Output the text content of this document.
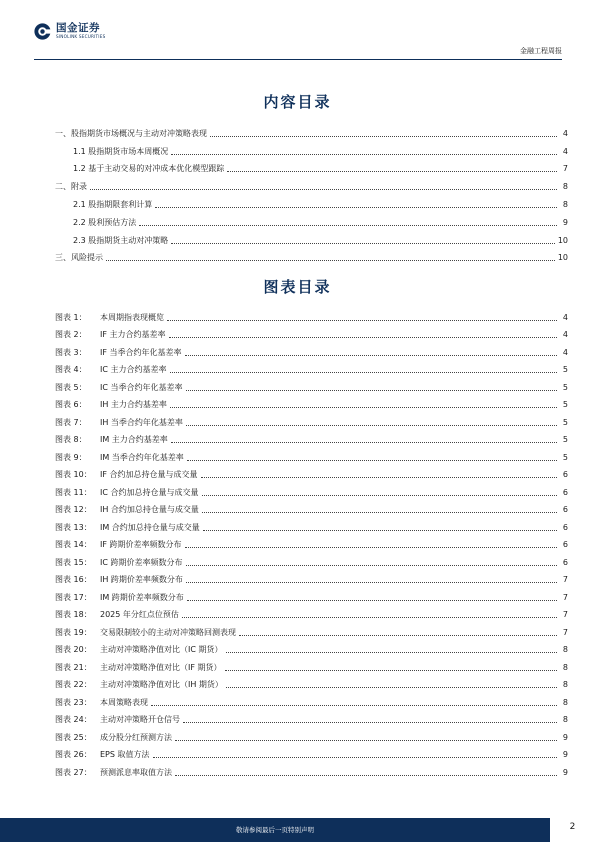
国金证券
SINOLINK SECURITIES
金融工程周报
内容目录
一、股指期货市场概况与主动对冲策略表现	4
1.1 股指期货市场本周概况	4
1.2 基于主动交易的对冲成本优化模型跟踪	7
二、附录	8
2.1 股指期限套利计算	8
2.2 股利预估方法	9
2.3 股指期货主动对冲策略	10
三、风险提示	10
图表目录
图表 1：	本周期指表现概览	4
图表 2：	IF 主力合约基差率	4
图表 3：	IF 当季合约年化基差率	4
图表 4：	IC 主力合约基差率	5
图表 5：	IC 当季合约年化基差率	5
图表 6：	IH 主力合约基差率	5
图表 7：	IH 当季合约年化基差率	5
图表 8：	IM 主力合约基差率	5
图表 9：	IM 当季合约年化基差率	5
图表 10：	IF 合约加总持仓量与成交量	6
图表 11：	IC 合约加总持仓量与成交量	6
图表 12：	IH 合约加总持仓量与成交量	6
图表 13：	IM 合约加总持仓量与成交量	6
图表 14：	IF 跨期价差率频数分布	6
图表 15：	IC 跨期价差率频数分布	6
图表 16：	IH 跨期价差率频数分布	7
图表 17：	IM 跨期价差率频数分布	7
图表 18：	2025 年分红点位预估	7
图表 19：	交易限制较小的主动对冲策略回测表现	7
图表 20：	主动对冲策略净值对比（IC 期货）	8
图表 21：	主动对冲策略净值对比（IF 期货）	8
图表 22：	主动对冲策略净值对比（IH 期货）	8
图表 23：	本周策略表现	8
图表 24：	主动对冲策略开仓信号	8
图表 25：	成分股分红预测方法	9
图表 26：	EPS 取值方法	9
图表 27：	预测派息率取值方法	9
敬请参阅最后一页特别声明	2
